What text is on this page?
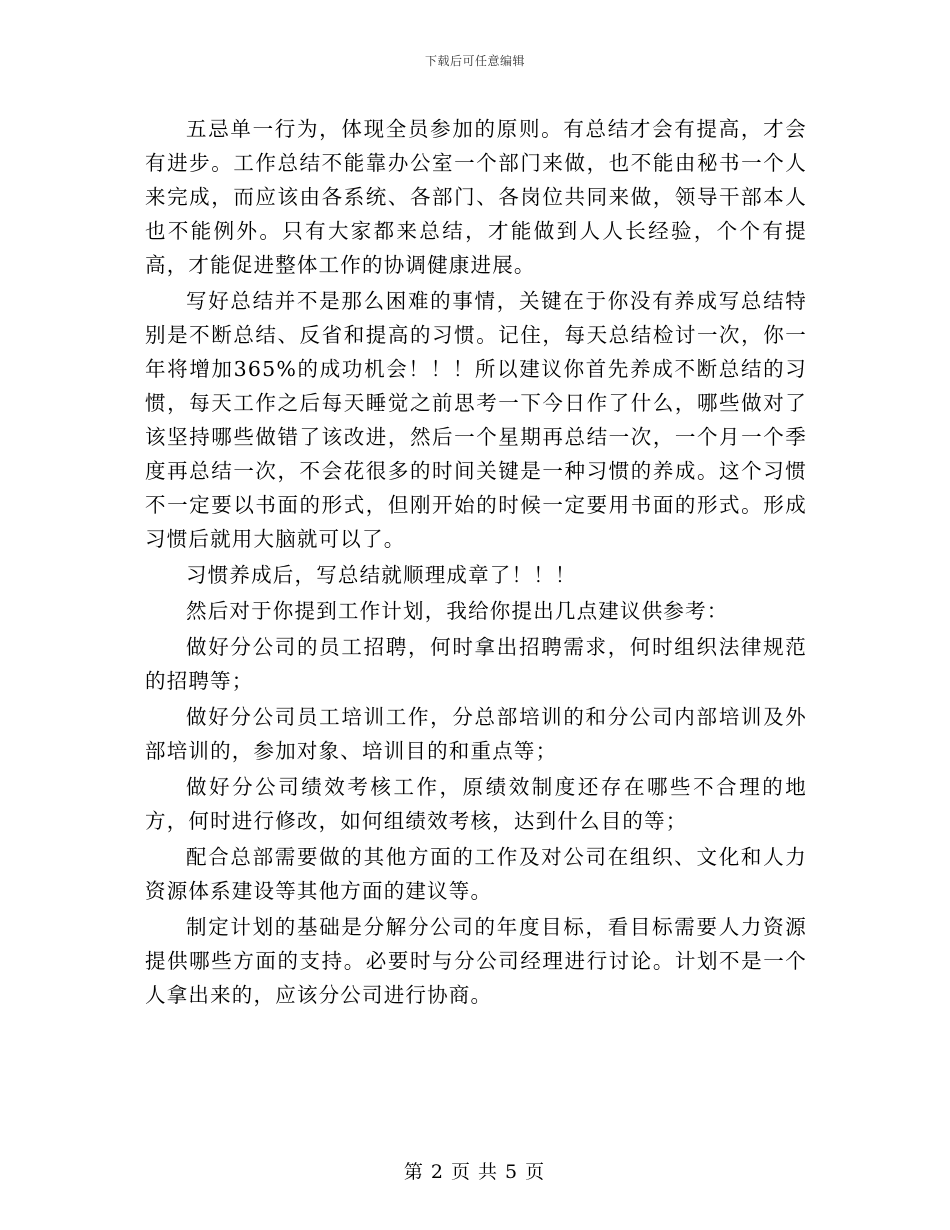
下载后可任意编辑

五忌单一行为，体现全员参加的原则。有总结才会有提高，才会有进步。工作总结不能靠办公室一个部门来做，也不能由秘书一个人来完成，而应该由各系统、各部门、各岗位共同来做，领导干部本人也不能例外。只有大家都来总结，才能做到人人长经验，个个有提高，才能促进整体工作的协调健康进展。

写好总结并不是那么困难的事情，关键在于你没有养成写总结特别是不断总结、反省和提高的习惯。记住，每天总结检讨一次，你一年将增加365%的成功机会！！！所以建议你首先养成不断总结的习惯，每天工作之后每天睡觉之前思考一下今日作了什么，哪些做对了该坚持哪些做错了该改进，然后一个星期再总结一次，一个月一个季度再总结一次，不会花很多的时间关键是一种习惯的养成。这个习惯不一定要以书面的形式，但刚开始的时候一定要用书面的形式。形成习惯后就用大脑就可以了。

习惯养成后，写总结就顺理成章了！！！

然后对于你提到工作计划，我给你提出几点建议供参考：

做好分公司的员工招聘，何时拿出招聘需求，何时组织法律规范的招聘等；

做好分公司员工培训工作，分总部培训的和分公司内部培训及外部培训的，参加对象、培训目的和重点等；

做好分公司绩效考核工作，原绩效制度还存在哪些不合理的地方，何时进行修改，如何组绩效考核，达到什么目的等；

配合总部需要做的其他方面的工作及对公司在组织、文化和人力资源体系建设等其他方面的建议等。

制定计划的基础是分解分公司的年度目标，看目标需要人力资源提供哪些方面的支持。必要时与分公司经理进行讨论。计划不是一个人拿出来的，应该分公司进行协商。

第 2 页 共 5 页
